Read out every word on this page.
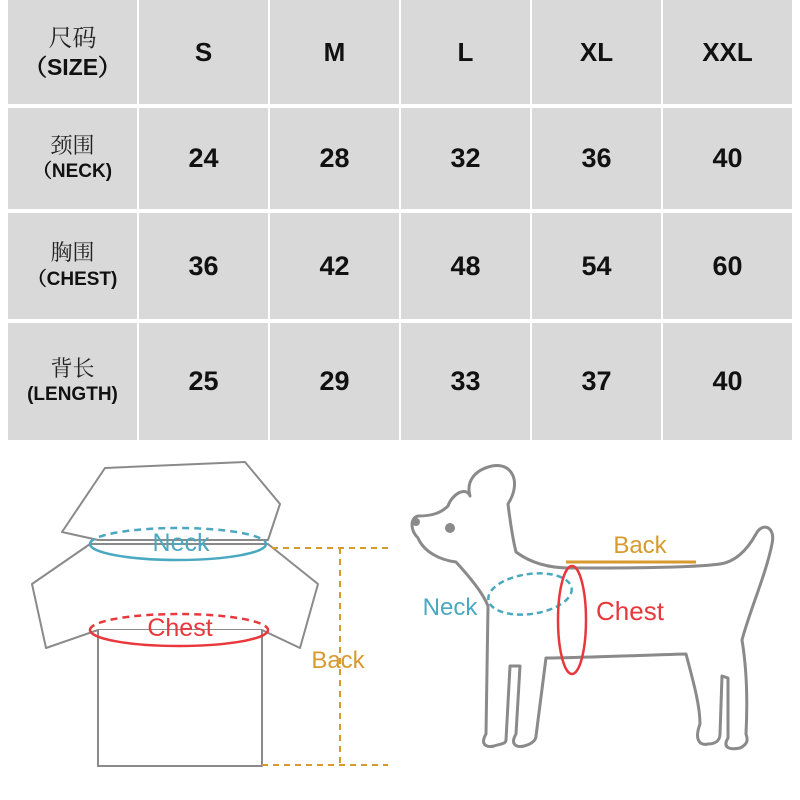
尺码
（SIZE）
S	M	L	XL	XXL
颈围
（NECK)	24	28	32	36	40
胸围
（CHEST)	36	42	48	54	60
背长
(LENGTH)	25	29	33	37	40
Neck
Chest
Back
Back
Neck	Chest
